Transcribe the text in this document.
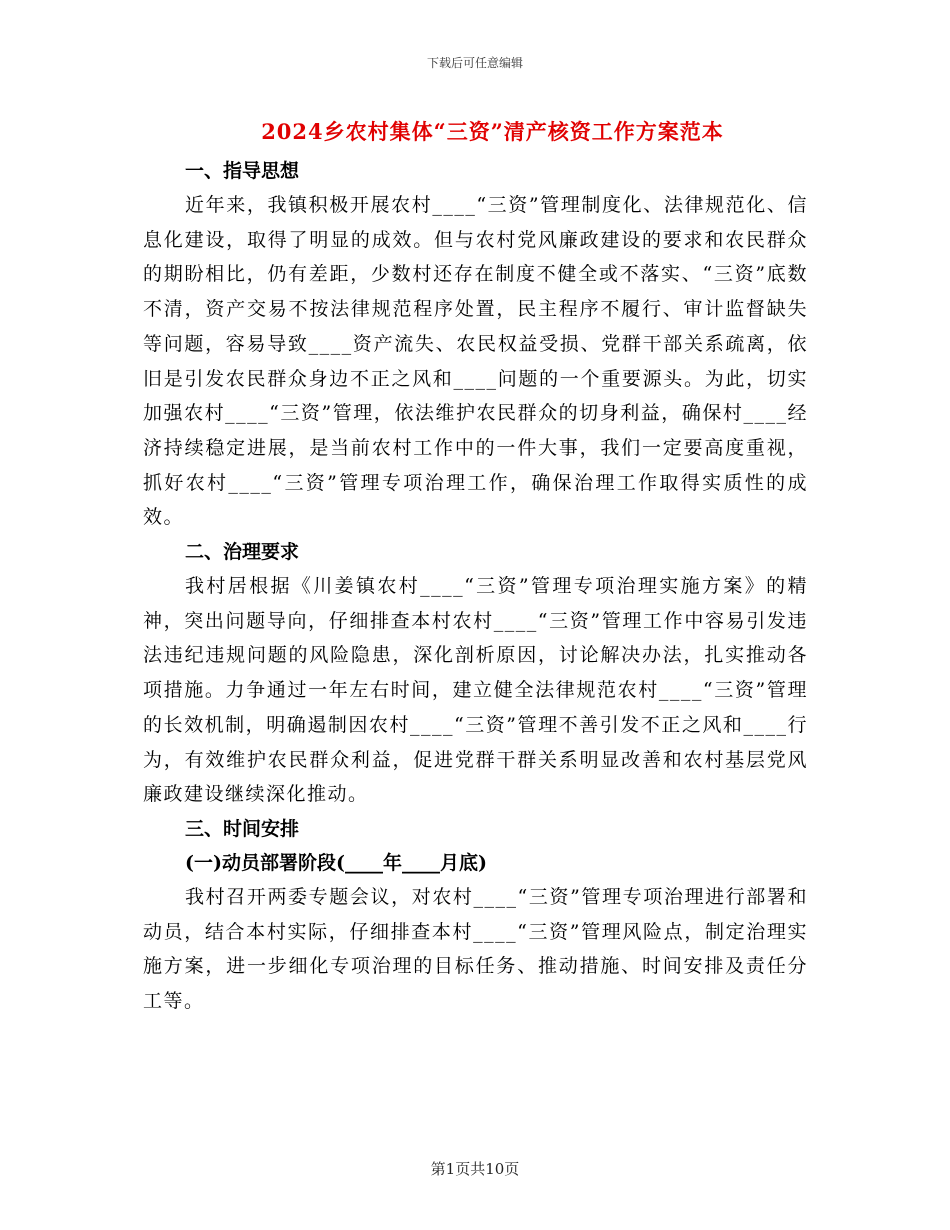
下载后可任意编辑
2024乡农村集体“三资”清产核资工作方案范本
一、指导思想

近年来，我镇积极开展农村____“三资”管理制度化、法律规范化、信息化建设，取得了明显的成效。但与农村党风廉政建设的要求和农民群众的期盼相比，仍有差距，少数村还存在制度不健全或不落实、“三资”底数不清，资产交易不按法律规范程序处置，民主程序不履行、审计监督缺失等问题，容易导致____资产流失、农民权益受损、党群干部关系疏离，依旧是引发农民群众身边不正之风和____问题的一个重要源头。为此，切实加强农村____“三资”管理，依法维护农民群众的切身利益，确保村____经济持续稳定进展，是当前农村工作中的一件大事，我们一定要高度重视，抓好农村____“三资”管理专项治理工作，确保治理工作取得实质性的成效。

二、治理要求

我村居根据《川姜镇农村____“三资”管理专项治理实施方案》的精神，突出问题导向，仔细排查本村农村____“三资”管理工作中容易引发违法违纪违规问题的风险隐患，深化剖析原因，讨论解决办法，扎实推动各项措施。力争通过一年左右时间，建立健全法律规范农村____“三资”管理的长效机制，明确遏制因农村____“三资”管理不善引发不正之风和____行为，有效维护农民群众利益，促进党群干群关系明显改善和农村基层党风廉政建设继续深化推动。

三、时间安排
(一)动员部署阶段(____年____月底)

我村召开两委专题会议，对农村____“三资”管理专项治理进行部署和动员，结合本村实际，仔细排查本村____“三资”管理风险点，制定治理实施方案，进一步细化专项治理的目标任务、推动措施、时间安排及责任分工等。

第1页共10页
